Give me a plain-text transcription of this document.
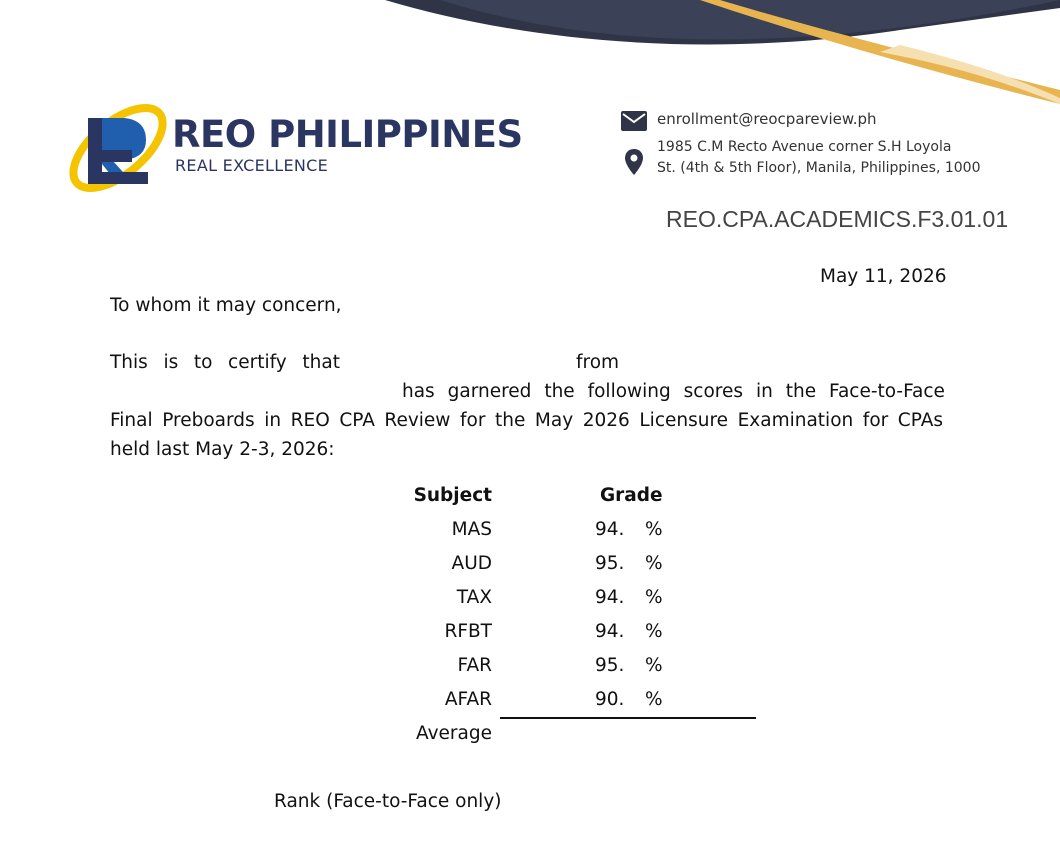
REO PHILIPPINES
REAL EXCELLENCE
enrollment@reocpareview.ph
1985 C.M Recto Avenue corner S.H Loyola
St. (4th & 5th Floor), Manila, Philippines, 1000
REO.CPA.ACADEMICS.F3.01.01
May 11, 2026
To whom it may concern,
This is to certify that	from
has garnered the following scores in the Face-to-Face
Final Preboards in REO CPA Review for the May 2026 Licensure Examination for CPAs
held last May 2-3, 2026:
Subject	Grade
MAS	94. %
AUD	95. %
TAX	94. %
RFBT	94. %
FAR	95. %
AFAR	90. %
Average
Rank (Face-to-Face only)
